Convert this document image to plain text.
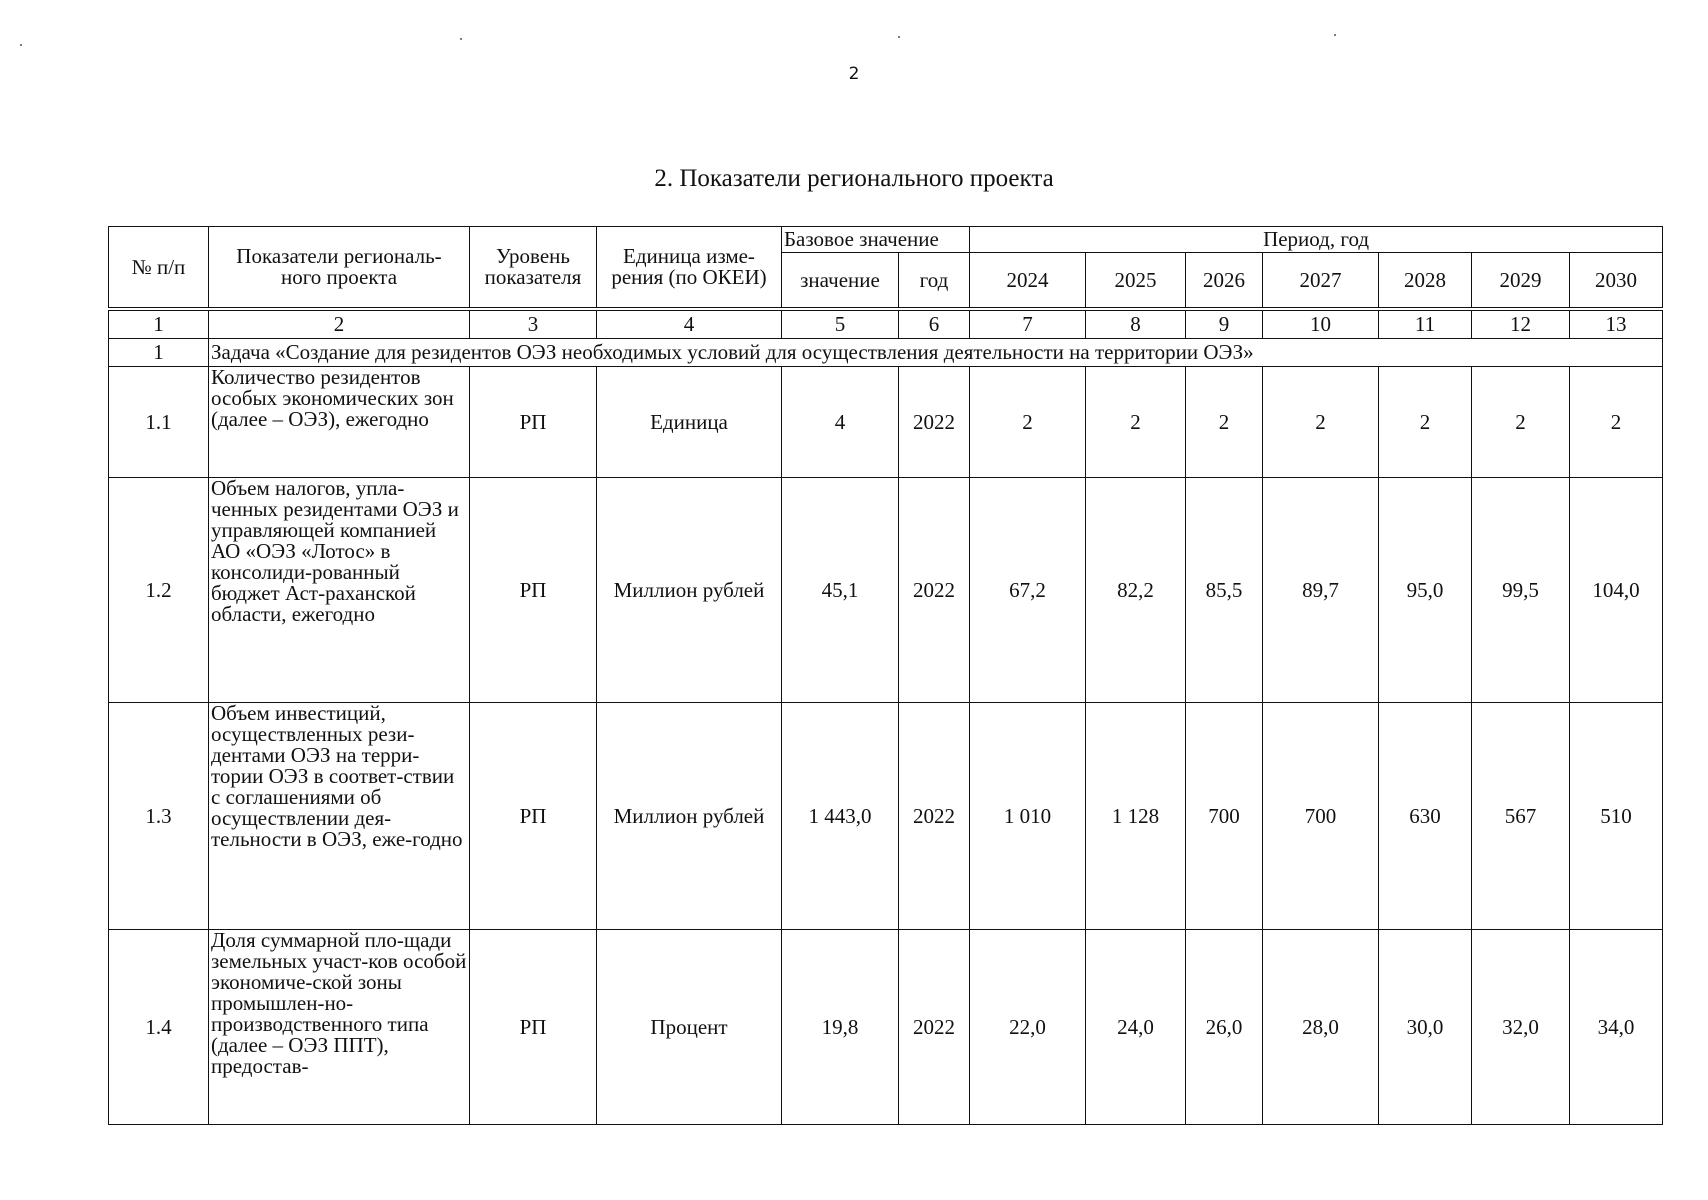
2
2. Показатели регионального проекта
№ п/п	Показатели региональ-ного проекта	Уровень показателя	Единица изме-рения (по ОКЕИ)	Базовое значение		Период, год						
				значение	год	2024	2025	2026	2027	2028	2029	2030
1	2	3	4	5	6	7	8	9	10	11	12	13
1	Задача «Создание для резидентов ОЭЗ необходимых условий для осуществления деятельности на территории ОЭЗ»											
1.1	Количество резидентов особых экономических зон (далее – ОЭЗ), ежегодно	РП	Единица	4	2022	2	2	2	2	2	2	2
1.2	Объем налогов, упла-ченных резидентами ОЭЗ и управляющей компанией АО «ОЭЗ «Лотос» в консолиди-рованный бюджет Аст-раханской области, ежегодно	РП	Миллион рублей	45,1	2022	67,2	82,2	85,5	89,7	95,0	99,5	104,0
1.3	Объем инвестиций, осуществленных рези-дентами ОЭЗ на терри-тории ОЭЗ в соответ-ствии с соглашениями об осуществлении дея-тельности в ОЭЗ, еже-годно	РП	Миллион рублей	1 443,0	2022	1 010	1 128	700	700	630	567	510
1.4	Доля суммарной пло-щади земельных участ-ков особой экономиче-ской зоны промышлен-но-производственного типа (далее – ОЭЗ ППТ), предостав-	РП	Процент	19,8	2022	22,0	24,0	26,0	28,0	30,0	32,0	34,0
